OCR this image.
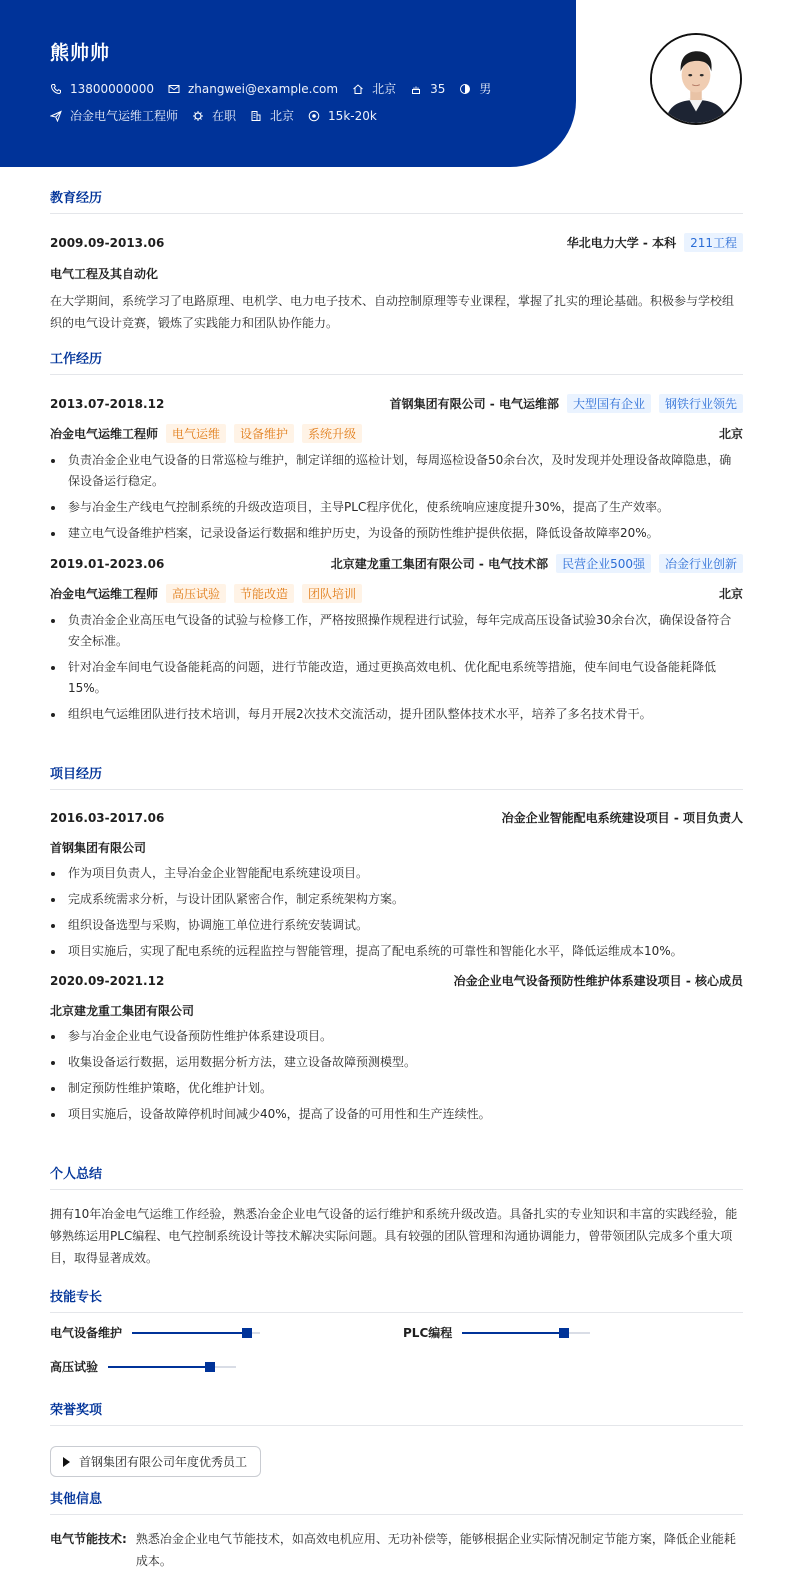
熊帅帅
13800000000	zhangwei@example.com	北京	35	男
冶金电气运维工程师	在职	北京	15k-20k
教育经历
2009.09-2013.06	华北电力大学 - 本科	211工程
电气工程及其自动化
在大学期间，系统学习了电路原理、电机学、电力电子技术、自动控制原理等专业课程，掌握了扎实的理论基础。积极参与学校组织的电气设计竞赛，锻炼了实践能力和团队协作能力。
工作经历
2013.07-2018.12	首钢集团有限公司 - 电气运维部	大型国有企业	钢铁行业领先
冶金电气运维工程师	电气运维	设备维护	系统升级	北京
负责冶金企业电气设备的日常巡检与维护，制定详细的巡检计划，每周巡检设备50余台次，及时发现并处理设备故障隐患，确保设备运行稳定。
参与冶金生产线电气控制系统的升级改造项目，主导PLC程序优化，使系统响应速度提升30%，提高了生产效率。
建立电气设备维护档案，记录设备运行数据和维护历史，为设备的预防性维护提供依据，降低设备故障率20%。
2019.01-2023.06	北京建龙重工集团有限公司 - 电气技术部	民营企业500强	冶金行业创新
冶金电气运维工程师	高压试验	节能改造	团队培训	北京
负责冶金企业高压电气设备的试验与检修工作，严格按照操作规程进行试验，每年完成高压设备试验30余台次，确保设备符合安全标准。
针对冶金车间电气设备能耗高的问题，进行节能改造，通过更换高效电机、优化配电系统等措施，使车间电气设备能耗降低15%。
组织电气运维团队进行技术培训，每月开展2次技术交流活动，提升团队整体技术水平，培养了多名技术骨干。
项目经历
2016.03-2017.06	冶金企业智能配电系统建设项目 - 项目负责人
首钢集团有限公司
作为项目负责人，主导冶金企业智能配电系统建设项目。
完成系统需求分析，与设计团队紧密合作，制定系统架构方案。
组织设备选型与采购，协调施工单位进行系统安装调试。
项目实施后，实现了配电系统的远程监控与智能管理，提高了配电系统的可靠性和智能化水平，降低运维成本10%。
2020.09-2021.12	冶金企业电气设备预防性维护体系建设项目 - 核心成员
北京建龙重工集团有限公司
参与冶金企业电气设备预防性维护体系建设项目。
收集设备运行数据，运用数据分析方法，建立设备故障预测模型。
制定预防性维护策略，优化维护计划。
项目实施后，设备故障停机时间减少40%，提高了设备的可用性和生产连续性。
个人总结
拥有10年冶金电气运维工作经验，熟悉冶金企业电气设备的运行维护和系统升级改造。具备扎实的专业知识和丰富的实践经验，能够熟练运用PLC编程、电气控制系统设计等技术解决实际问题。具有较强的团队管理和沟通协调能力，曾带领团队完成多个重大项目，取得显著成效。
技能专长
电气设备维护	PLC编程
高压试验
荣誉奖项
首钢集团有限公司年度优秀员工
其他信息
电气节能技术: 熟悉冶金企业电气节能技术，如高效电机应用、无功补偿等，能够根据企业实际情况制定节能方案，降低企业能耗成本。
